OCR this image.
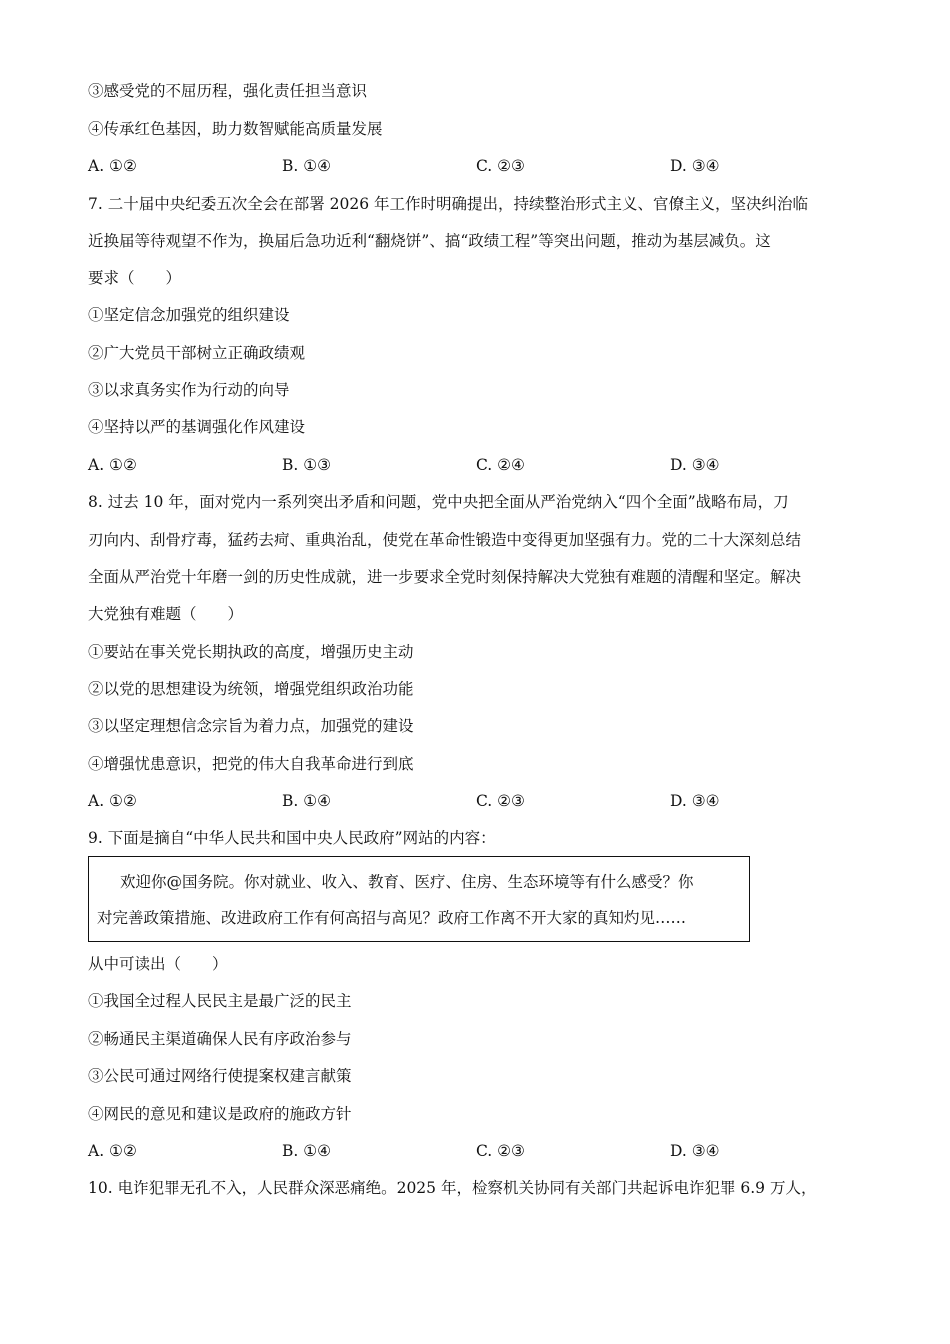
③感受党的不屈历程，强化责任担当意识
④传承红色基因，助力数智赋能高质量发展
A. ①②	B. ①④	C. ②③	D. ③④
7. 二十届中央纪委五次全会在部署 2026 年工作时明确提出，持续整治形式主义、官僚主义，坚决纠治临
近换届等待观望不作为，换届后急功近利“翻烧饼”、搞“政绩工程”等突出问题，推动为基层减负。这
要求（　　）
①坚定信念加强党的组织建设
②广大党员干部树立正确政绩观
③以求真务实作为行动的向导
④坚持以严的基调强化作风建设
A. ①②	B. ①③	C. ②④	D. ③④
8. 过去 10 年，面对党内一系列突出矛盾和问题，党中央把全面从严治党纳入“四个全面”战略布局，刀
刃向内、刮骨疗毒，猛药去疴、重典治乱，使党在革命性锻造中变得更加坚强有力。党的二十大深刻总结
全面从严治党十年磨一剑的历史性成就，进一步要求全党时刻保持解决大党独有难题的清醒和坚定。解决
大党独有难题（　　）
①要站在事关党长期执政的高度，增强历史主动
②以党的思想建设为统领，增强党组织政治功能
③以坚定理想信念宗旨为着力点，加强党的建设
④增强忧患意识，把党的伟大自我革命进行到底
A. ①②	B. ①④	C. ②③	D. ③④
9. 下面是摘自“中华人民共和国中央人民政府”网站的内容：
欢迎你@国务院。你对就业、收入、教育、医疗、住房、生态环境等有什么感受？你
对完善政策措施、改进政府工作有何高招与高见？政府工作离不开大家的真知灼见……
从中可读出（　　）
①我国全过程人民民主是最广泛的民主
②畅通民主渠道确保人民有序政治参与
③公民可通过网络行使提案权建言献策
④网民的意见和建议是政府的施政方针
A. ①②	B. ①④	C. ②③	D. ③④
10. 电诈犯罪无孔不入，人民群众深恶痛绝。2025 年，检察机关协同有关部门共起诉电诈犯罪 6.9 万人，
